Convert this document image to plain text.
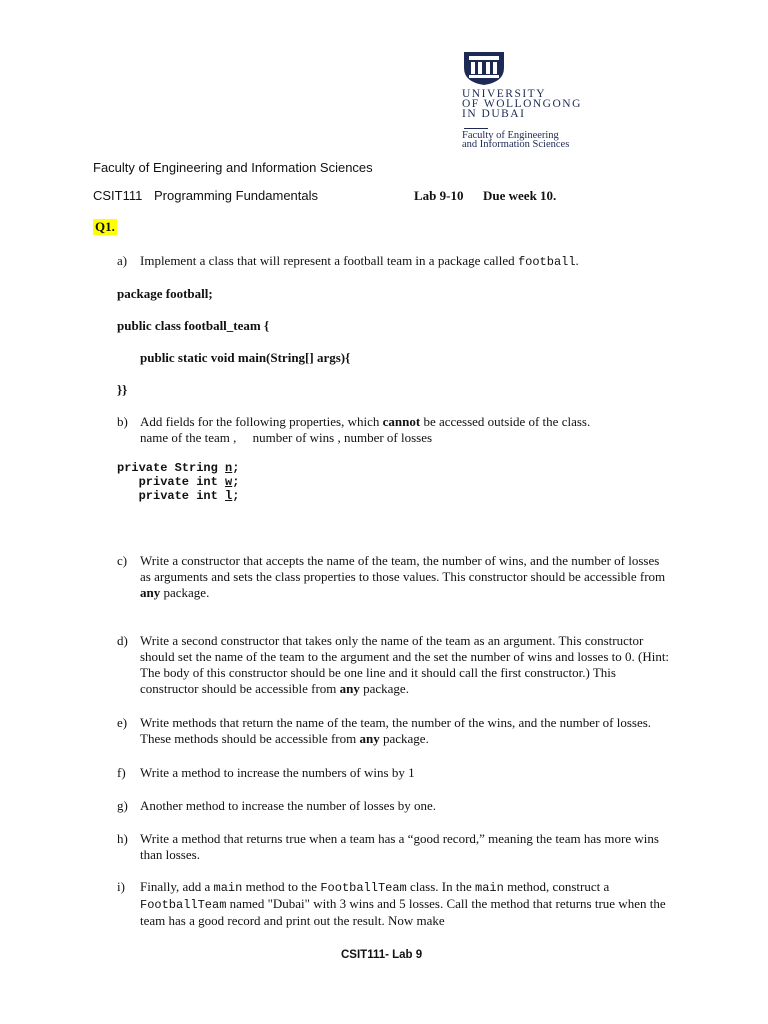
UNIVERSITY
OF WOLLONGONG
IN DUBAI
Faculty of Engineering
and Information Sciences
Faculty of Engineering and Information Sciences
CSIT111 Programming Fundamentals	Lab 9-10 Due week 10.
Q1.
a) Implement a class that will represent a football team in a package called football.
package football;
public class football_team {
public static void main(String[] args){
}}
b) Add fields for the following properties, which cannot be accessed outside of the class.
name of the team ,     number of wins , number of losses
private String n;
private int w;
private int l;
c) Write a constructor that accepts the name of the team, the number of wins, and the number of losses as arguments and sets the class properties to those values. This constructor should be accessible from any package.
d) Write a second constructor that takes only the name of the team as an argument. This constructor should set the name of the team to the argument and the set the number of wins and losses to 0. (Hint: The body of this constructor should be one line and it should call the first constructor.) This constructor should be accessible from any package.
e) Write methods that return the name of the team, the number of the wins, and the number of losses. These methods should be accessible from any package.
f) Write a method to increase the numbers of wins by 1
g) Another method to increase the number of losses by one.
h) Write a method that returns true when a team has a “good record,” meaning the team has more wins than losses.
i) Finally, add a main method to the FootballTeam class. In the main method, construct a FootballTeam named "Dubai" with 3 wins and 5 losses. Call the method that returns true when the team has a good record and print out the result. Now make
CSIT111- Lab 9
